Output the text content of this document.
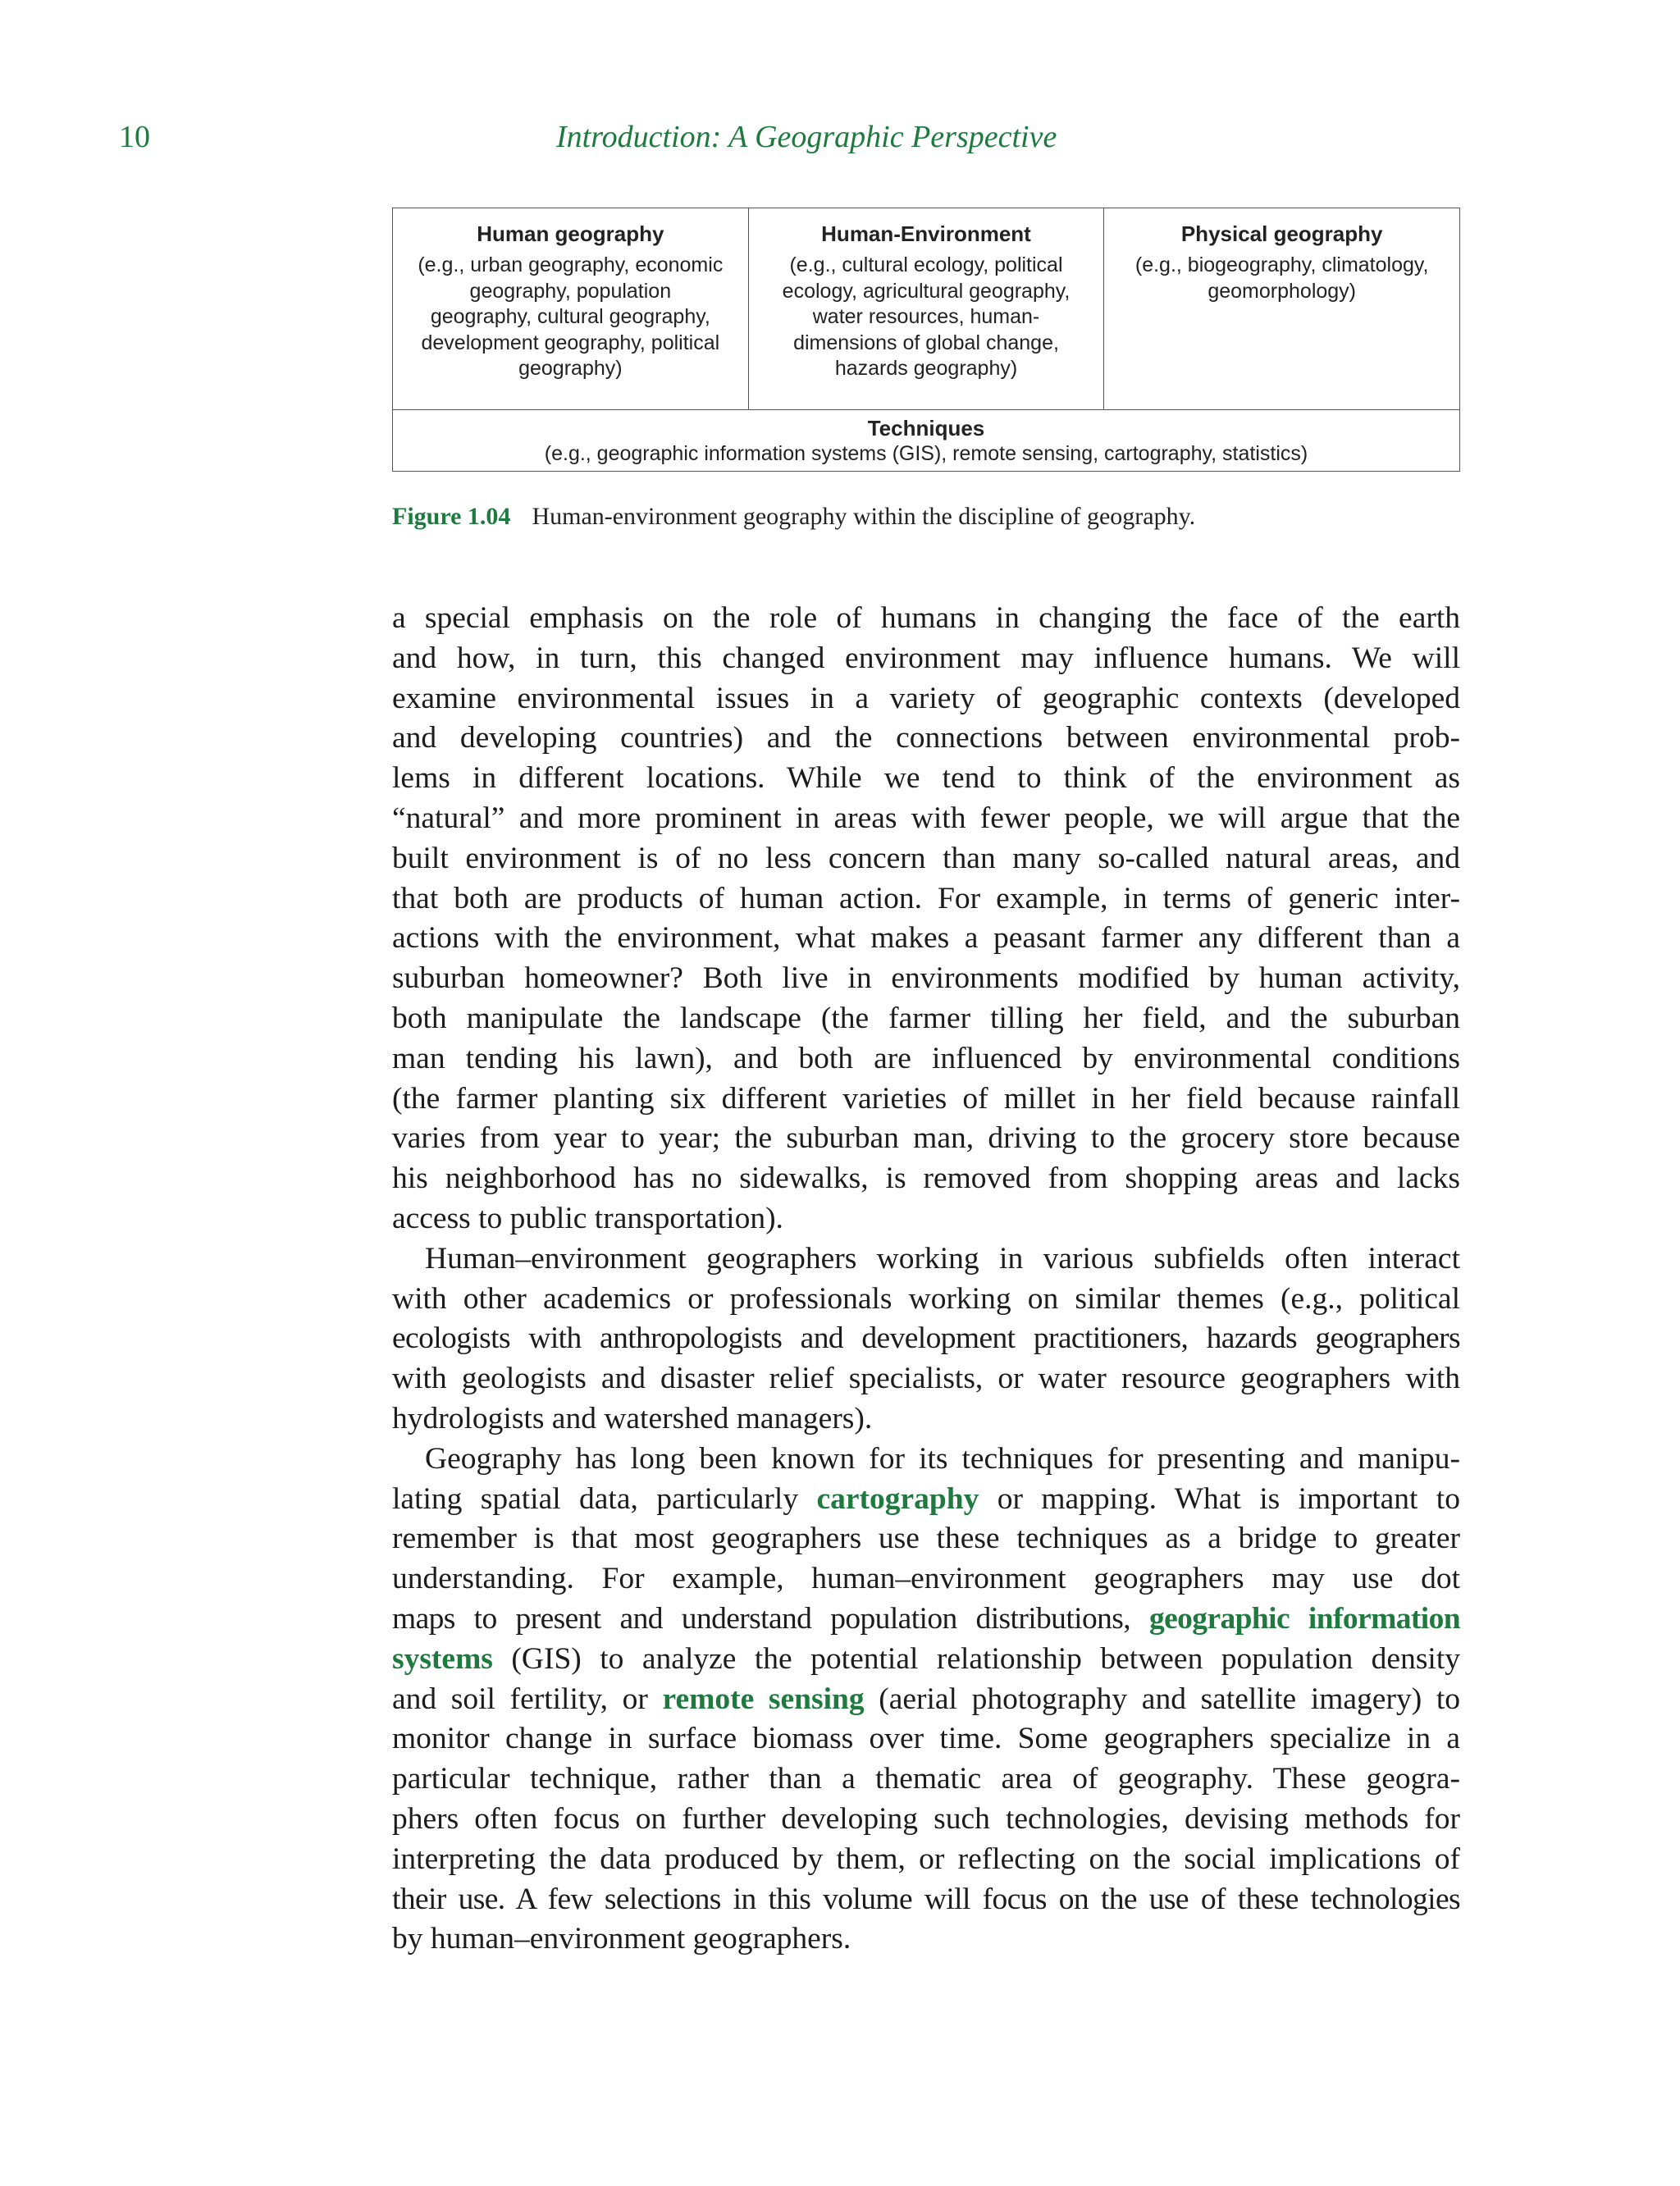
10	Introduction: A Geographic Perspective
Human geography
(e.g., urban geography, economic
geography, population
geography, cultural geography,
development geography, political
geography)
Human-Environment
(e.g., cultural ecology, political
ecology, agricultural geography,
water resources, human-
dimensions of global change,
hazards geography)
Physical geography
(e.g., biogeography, climatology,
geomorphology)
Techniques
(e.g., geographic information systems (GIS), remote sensing, cartography, statistics)
Figure 1.04 Human-environment geography within the discipline of geography.
a special emphasis on the role of humans in changing the face of the earth
and how, in turn, this changed environment may influence humans. We will
examine environmental issues in a variety of geographic contexts (developed
and developing countries) and the connections between environmental prob-
lems in different locations. While we tend to think of the environment as
“natural” and more prominent in areas with fewer people, we will argue that the
built environment is of no less concern than many so-called natural areas, and
that both are products of human action. For example, in terms of generic inter-
actions with the environment, what makes a peasant farmer any different than a
suburban homeowner? Both live in environments modified by human activity,
both manipulate the landscape (the farmer tilling her field, and the suburban
man tending his lawn), and both are influenced by environmental conditions
(the farmer planting six different varieties of millet in her field because rainfall
varies from year to year; the suburban man, driving to the grocery store because
his neighborhood has no sidewalks, is removed from shopping areas and lacks
access to public transportation).
Human–environment geographers working in various subfields often interact
with other academics or professionals working on similar themes (e.g., political
ecologists with anthropologists and development practitioners, hazards geographers
with geologists and disaster relief specialists, or water resource geographers with
hydrologists and watershed managers).
Geography has long been known for its techniques for presenting and manipu-
lating spatial data, particularly cartography or mapping. What is important to
remember is that most geographers use these techniques as a bridge to greater
understanding. For example, human–environment geographers may use dot
maps to present and understand population distributions, geographic information
systems (GIS) to analyze the potential relationship between population density
and soil fertility, or remote sensing (aerial photography and satellite imagery) to
monitor change in surface biomass over time. Some geographers specialize in a
particular technique, rather than a thematic area of geography. These geogra-
phers often focus on further developing such technologies, devising methods for
interpreting the data produced by them, or reflecting on the social implications of
their use. A few selections in this volume will focus on the use of these technologies
by human–environment geographers.
